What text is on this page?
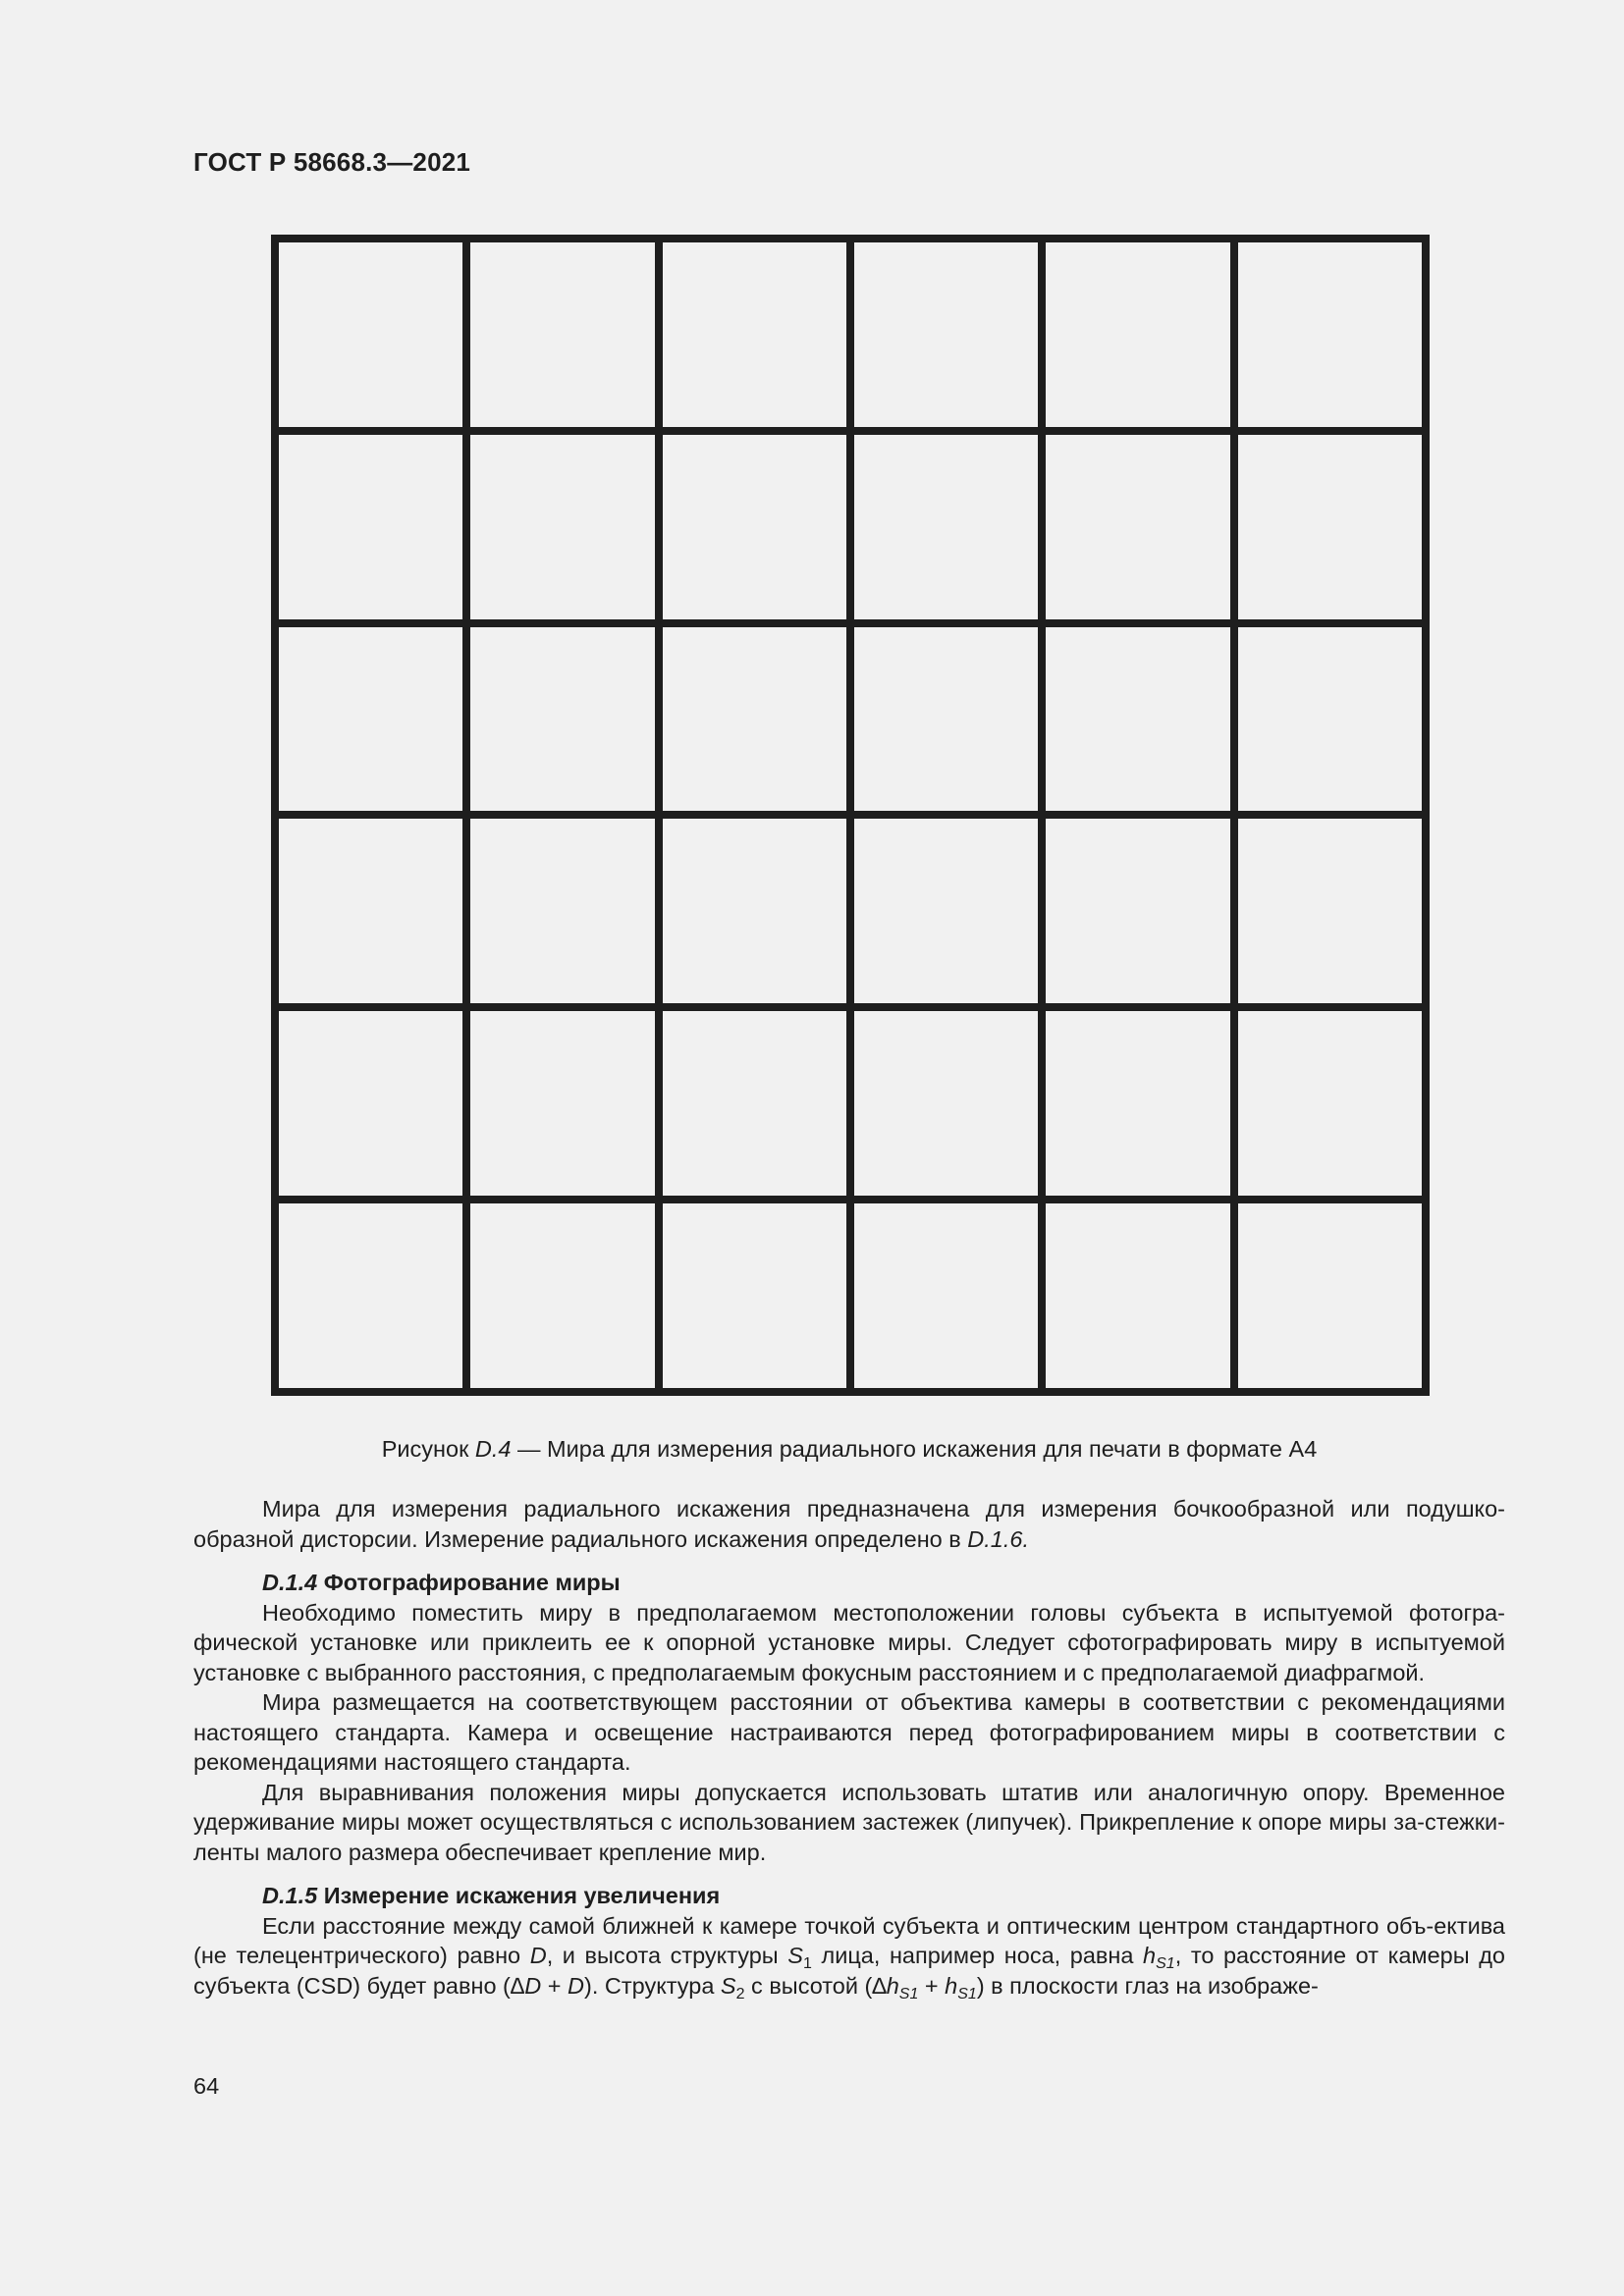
ГОСТ Р 58668.3—2021
Рисунок D.4 — Мира для измерения радиального искажения для печати в формате А4

Мира для измерения радиального искажения предназначена для измерения бочкообразной или подушко-образной дисторсии. Измерение радиального искажения определено в D.1.6.

D.1.4 Фотографирование миры

Необходимо поместить миру в предполагаемом местоположении головы субъекта в испытуемой фотогра-фической установке или приклеить ее к опорной установке миры. Следует сфотографировать миру в испытуемой установке с выбранного расстояния, с предполагаемым фокусным расстоянием и с предполагаемой диафрагмой.

Мира размещается на соответствующем расстоянии от объектива камеры в соответствии с рекомендациями настоящего стандарта. Камера и освещение настраиваются перед фотографированием миры в соответствии с рекомендациями настоящего стандарта.

Для выравнивания положения миры допускается использовать штатив или аналогичную опору. Временное удерживание миры может осуществляться с использованием застежек (липучек). Прикрепление к опоре миры за-стежки-ленты малого размера обеспечивает крепление мир.

D.1.5 Измерение искажения увеличения

Если расстояние между самой ближней к камере точкой субъекта и оптическим центром стандартного объ-ектива (не телецентрического) равно D, и высота структуры $S_1$ лица, например носа, равна $h_{S1}$, то расстояние от камеры до субъекта (CSD) будет равно (∆D + D). Структура $S_2$ с высотой $(\Delta h_{S1} + h_{S1})$ в плоскости глаз на изображе-

64
